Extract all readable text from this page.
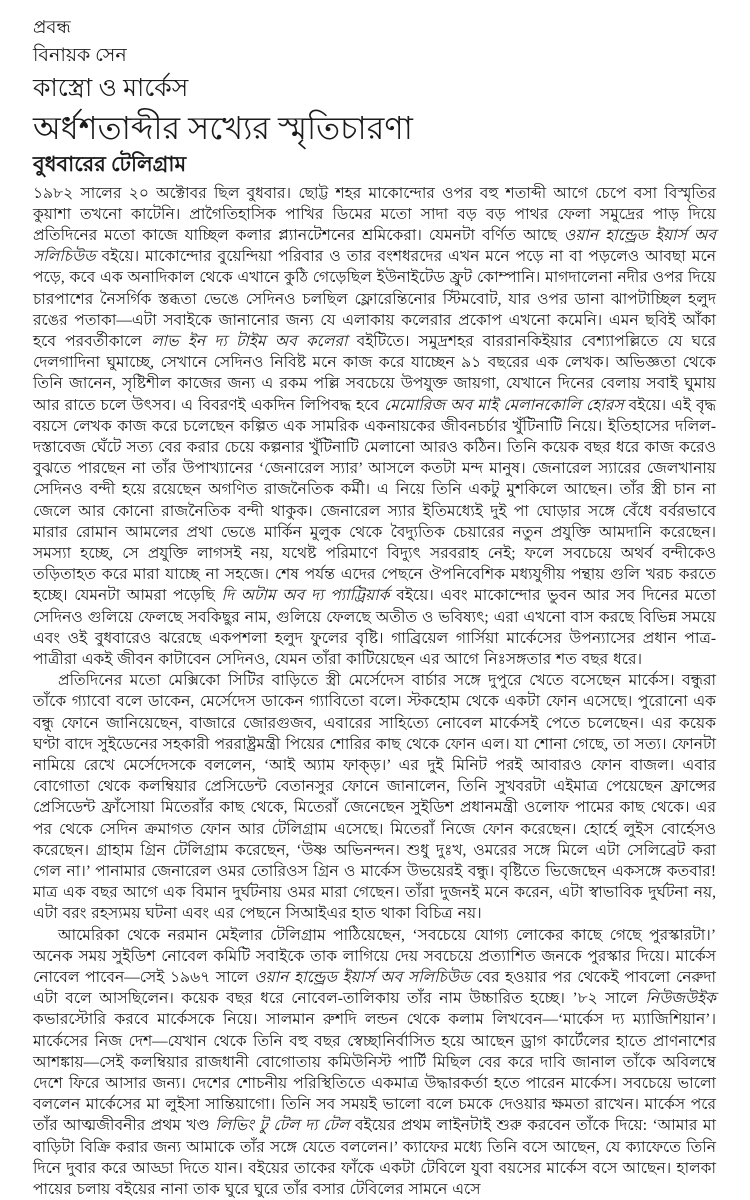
প্রবন্ধ

বিনায়ক সেন

কাস্ত্রো ও মার্কেস

অর্ধশতাব্দীর সখ্যের স্মৃতিচারণা
বুধবারের টেলিগ্রাম

১৯৮২ সালের ২০ অক্টোবর ছিল বুধবার। ছোট্ট শহর মাকোন্দোর ওপর বহু শতাব্দী আগে চেপে বসা বিস্মৃতির কুয়াশা তখনো কাটেনি। প্রাগৈতিহাসিক পাখির ডিমের মতো সাদা বড় বড় পাথর ফেলা সমুদ্রের পাড় দিয়ে প্রতিদিনের মতো কাজে যাচ্ছিল কলার প্ল্যানটেশনের শ্রমিকেরা। যেমনটা বর্ণিত আছে ওয়ান হান্ড্রেড ইয়ার্স অব সলিচিউড বইয়ে। মাকোন্দোর বুয়েন্দিয়া পরিবার ও তার বংশধরদের এখন মনে পড়ে না বা পড়লেও আবছা মনে পড়ে, কবে এক অনাদিকাল থেকে এখানে কুঠি গেড়েছিল ইউনাইটেড ফ্রুট কোম্পানি। মাগদালেনা নদীর ওপর দিয়ে চারপাশের নৈসর্গিক স্তব্ধতা ভেঙে সেদিনও চলছিল ফ্লোরেন্তিনোর স্টিমবোট, যার ওপর ডানা ঝাপটাচ্ছিল হলুদ রঙের পতাকা—এটা সবাইকে জানানোর জন্য যে এলাকায় কলেরার প্রকোপ এখনো কমেনি। এমন ছবিই আঁকা হবে পরবর্তীকালে লাভ ইন দ্য টাইম অব কলেরা বইটিতে। সমুদ্রশহর বাররানকিইয়ার বেশ্যাপল্লিতে যে ঘরে দেলগাদিনা ঘুমাচ্ছে, সেখানে সেদিনও নিবিষ্ট মনে কাজ করে যাচ্ছেন ৯১ বছরের এক লেখক। অভিজ্ঞতা থেকে তিনি জানেন, সৃষ্টিশীল কাজের জন্য এ রকম পল্লি সবচেয়ে উপযুক্ত জায়গা, যেখানে দিনের বেলায় সবাই ঘুমায় আর রাতে চলে উৎসব। এ বিবরণই একদিন লিপিবদ্ধ হবে মেমোরিজ অব মাই মেলানকোলি হোরস বইয়ে। এই বৃদ্ধ বয়সে লেখক কাজ করে চলেছেন কল্পিত এক সামরিক একনায়কের জীবনচর্চার খুঁটিনাটি নিয়ে। ইতিহাসের দলিল-দস্তাবেজ ঘেঁটে সত্য বের করার চেয়ে কল্পনার খুঁটিনাটি মেলানো আরও কঠিন। তিনি কয়েক বছর ধরে কাজ করেও বুঝতে পারছেন না তাঁর উপাখ্যানের ‘জেনারেল স্যার’ আসলে কতটা মন্দ মানুষ। জেনারেল স্যারের জেলখানায় সেদিনও বন্দী হয়ে রয়েছেন অগণিত রাজনৈতিক কর্মী। এ নিয়ে তিনি একটু মুশকিলে আছেন। তাঁর স্ত্রী চান না জেলে আর কোনো রাজনৈতিক বন্দী থাকুক। জেনারেল স্যার ইতিমধ্যেই দুই পা ঘোড়ার সঙ্গে বেঁধে বর্বরভাবে মারার রোমান আমলের প্রথা ভেঙে মার্কিন মুলুক থেকে বৈদ্যুতিক চেয়ারের নতুন প্রযুক্তি আমদানি করেছেন। সমস্যা হচ্ছে, সে প্রযুক্তি লাগসই নয়, যথেষ্ট পরিমাণে বিদ্যুৎ সরবরাহ নেই; ফলে সবচেয়ে অথর্ব বন্দীকেও তড়িতাহত করে মারা যাচ্ছে না সহজে। শেষ পর্যন্ত এদের পেছনে ঔপনিবেশিক মধ্যযুগীয় পন্থায় গুলি খরচ করতে হচ্ছে। যেমনটা আমরা পড়েছি দি অটাম অব দ্য প্যাট্রিয়ার্ক বইয়ে। এবং মাকোন্দোর ভুবন আর সব দিনের মতো সেদিনও গুলিয়ে ফেলছে সবকিছুর নাম, গুলিয়ে ফেলছে অতীত ও ভবিষ্যৎ; এরা এখনো বাস করছে বিভিন্ন সময়ে এবং ওই বুধবারেও ঝরেছে একপশলা হলুদ ফুলের বৃষ্টি। গাব্রিয়েল গার্সিয়া মার্কেসের উপন্যাসের প্রধান পাত্র-পাত্রীরা একই জীবন কাটাবেন সেদিনও, যেমন তাঁরা কাটিয়েছেন এর আগে নিঃসঙ্গতার শত বছর ধরে।

প্রতিদিনের মতো মেক্সিকো সিটির বাড়িতে স্ত্রী মের্সেদেস বার্চার সঙ্গে দুপুরে খেতে বসেছেন মার্কেস। বন্ধুরা তাঁকে গ্যাবো বলে ডাকেন, মের্সেদেস ডাকেন গ্যাবিতো বলে। স্টকহোম থেকে একটা ফোন এসেছে। পুরোনো এক বন্ধু ফোনে জানিয়েছেন, বাজারে জোরগুজব, এবারের সাহিত্যে নোবেল মার্কেসই পেতে চলেছেন। এর কয়েক ঘণ্টা বাদে সুইডেনের সহকারী পররাষ্ট্রমন্ত্রী পিয়ের শোরির কাছ থেকে ফোন এল। যা শোনা গেছে, তা সত্য। ফোনটা নামিয়ে রেখে মের্সেদেসকে বললেন, ‘আই অ্যাম ফাক্‌ড়।’ এর দুই মিনিট পরই আবারও ফোন বাজল। এবার বোগোতা থেকে কলম্বিয়ার প্রেসিডেন্ট বেতানসুর ফোনে জানালেন, তিনি সুখবরটা এইমাত্র পেয়েছেন ফ্রান্সের প্রেসিডেন্ট ফ্রাঁসোয়া মিতেরাঁর কাছ থেকে, মিতেরাঁ জেনেছেন সুইডিশ প্রধানমন্ত্রী ওলোফ পামের কাছ থেকে। এর পর থেকে সেদিন ক্রমাগত ফোন আর টেলিগ্রাম এসেছে। মিতেরাঁ নিজে ফোন করেছেন। হোর্হে লুইস বোর্হেসও করেছেন। গ্রাহাম গ্রিন টেলিগ্রাম করেছেন, ‘উষ্ণ অভিনন্দন। শুধু দুঃখ, ওমরের সঙ্গে মিলে এটা সেলিব্রেট করা গেল না।’ পানামার জেনারেল ওমর তোরিওস গ্রিন ও মার্কেস উভয়েরই বন্ধু। বৃষ্টিতে ভিজেছেন একসঙ্গে কতবার! মাত্র এক বছর আগে এক বিমান দুর্ঘটনায় ওমর মারা গেছেন। তাঁরা দুজনই মনে করেন, এটা স্বাভাবিক দুর্ঘটনা নয়, এটা বরং রহস্যময় ঘটনা এবং এর পেছনে সিআইএর হাত থাকা বিচিত্র নয়।

আমেরিকা থেকে নরমান মেইলার টেলিগ্রাম পাঠিয়েছেন, ‘সবচেয়ে যোগ্য লোকের কাছে গেছে পুরস্কারটা।’ অনেক সময় সুইডিশ নোবেল কমিটি সবাইকে তাক লাগিয়ে দেয় সবচেয়ে প্রত্যাশিত জনকে পুরস্কার দিয়ে। মার্কেস নোবেল পাবেন—সেই ১৯৬৭ সালে ওয়ান হান্ড্রেড ইয়ার্স অব সলিচিউড বের হওয়ার পর থেকেই পাবলো নেরুদা এটা বলে আসছিলেন। কয়েক বছর ধরে নোবেল-তালিকায় তাঁর নাম উচ্চারিত হচ্ছে। ’৮২ সালে নিউজউইক কভারস্টোরি করবে মার্কেসকে নিয়ে। সালমান রুশদি লন্ডন থেকে কলাম লিখবেন—‘মার্কেস দ্য ম্যাজিশিয়ান’। মার্কেসের নিজ দেশ—যেখান থেকে তিনি বহু বছর স্বেচ্ছানির্বাসিত হয়ে আছেন ড্রাগ কার্টেলের হাতে প্রাণনাশের আশঙ্কায়—সেই কলম্বিয়ার রাজধানী বোগোতায় কমিউনিস্ট পার্টি মিছিল বের করে দাবি জানাল তাঁকে অবিলম্বে দেশে ফিরে আসার জন্য। দেশের শোচনীয় পরিস্থিতিতে একমাত্র উদ্ধারকর্তা হতে পারেন মার্কেস। সবচেয়ে ভালো বললেন মার্কেসের মা লুইসা সান্তিয়াগো। তিনি সব সময়ই ভালো বলে চমকে দেওয়ার ক্ষমতা রাখেন। মার্কেস পরে তাঁর আত্মজীবনীর প্রথম খণ্ড লিভিং টু টেল দ্য টেল বইয়ের প্রথম লাইনটাই শুরু করবেন তাঁকে দিয়ে: ‘আমার মা বাড়িটা বিক্রি করার জন্য আমাকে তাঁর সঙ্গে যেতে বললেন।’ ক্যাফের মধ্যে তিনি বসে আছেন, যে ক্যাফেতে তিনি দিনে দুবার করে আড্ডা দিতে যান। বইয়ের তাকের ফাঁকে একটা টেবিলে যুবা বয়সের মার্কেস বসে আছেন। হালকা পায়ের চলায় বইয়ের নানা তাক ঘুরে ঘুরে তাঁর বসার টেবিলের সামনে এসে
